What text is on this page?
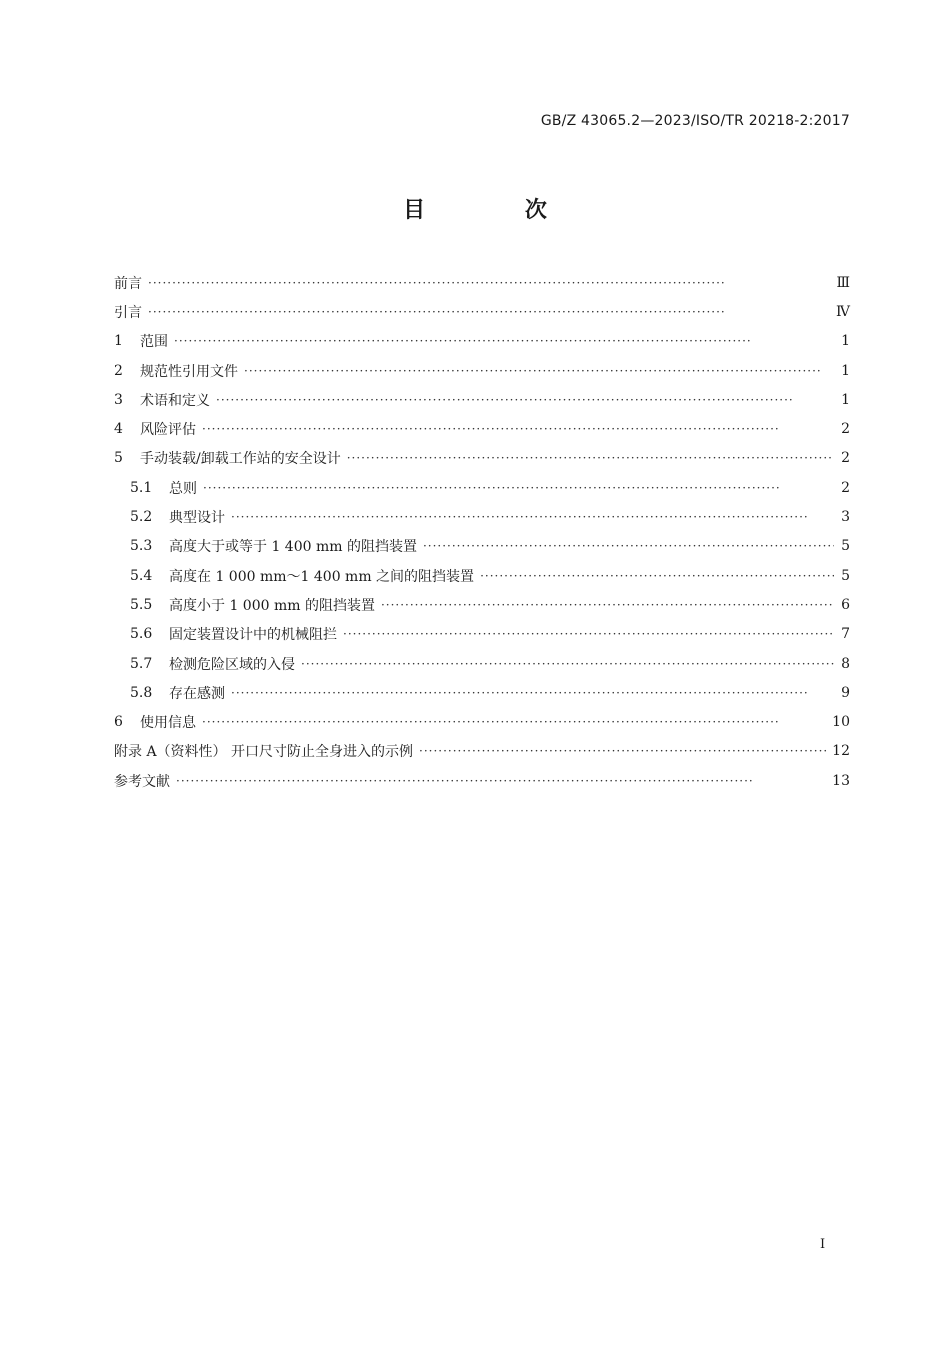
GB/Z 43065.2—2023/ISO/TR 20218-2:2017
目 次
前言 ·····	Ⅲ
引言 ·····	Ⅳ
1	范围 ·····	1
2	规范性引用文件 ·····	1
3	术语和定义 ·····	1
4	风险评估 ·····	2
5	手动装载/卸载工作站的安全设计 ·····	2
5.1	总则 ·····	2
5.2	典型设计 ·····	3
5.3	高度大于或等于 1 400 mm 的阻挡装置 ·····	5
5.4	高度在 1 000 mm～1 400 mm 之间的阻挡装置 ·····	5
5.5	高度小于 1 000 mm 的阻挡装置 ·····	6
5.6	固定装置设计中的机械阻拦 ·····	7
5.7	检测危险区域的入侵 ·····	8
5.8	存在感测 ·····	9
6	使用信息 ·····	10
附录 A（资料性） 开口尺寸防止全身进入的示例 ·····	12
参考文献 ·····	13
I
